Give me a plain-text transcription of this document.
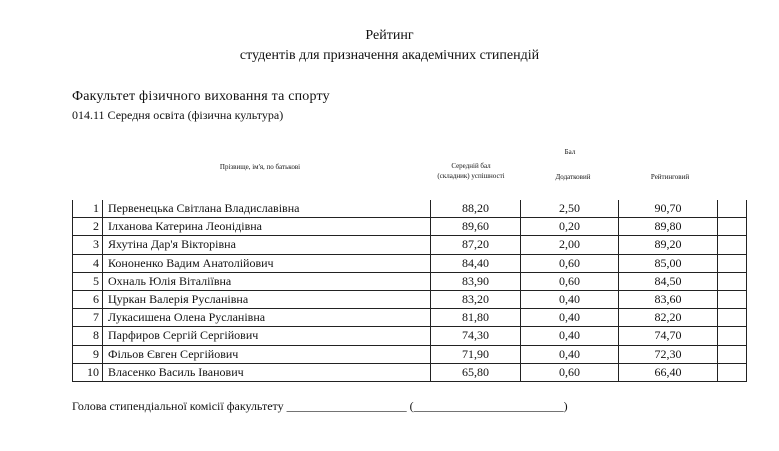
Рейтинг
студентів для призначення академічних стипендій
Факультет фізичного виховання та спорту
014.11 Середня освіта (фізична культура)
Прізвище, ім'я, по батькові
Бал
Середній бал (складник) успішності	Додатковий	Рейтинговий
1	Первенецька Світлана Владиславівна	88,20	2,50	90,70	
2	Ілханова Катерина Леонідівна	89,60	0,20	89,80	
3	Яхутіна Дар'я Вікторівна	87,20	2,00	89,20	
4	Кононенко Вадим Анатолійович	84,40	0,60	85,00	
5	Охналь Юлія Віталіївна	83,90	0,60	84,50	
6	Цуркан Валерія Русланівна	83,20	0,40	83,60	
7	Лукасишена Олена Русланівна	81,80	0,40	82,20	
8	Парфиров Сергій Сергійович	74,30	0,40	74,70	
9	Фільов Євген Сергійович	71,90	0,40	72,30	
10	Власенко Василь Іванович	65,80	0,60	66,40	
Голова стипендіальної комісії факультету ____________________ (_________________________)
